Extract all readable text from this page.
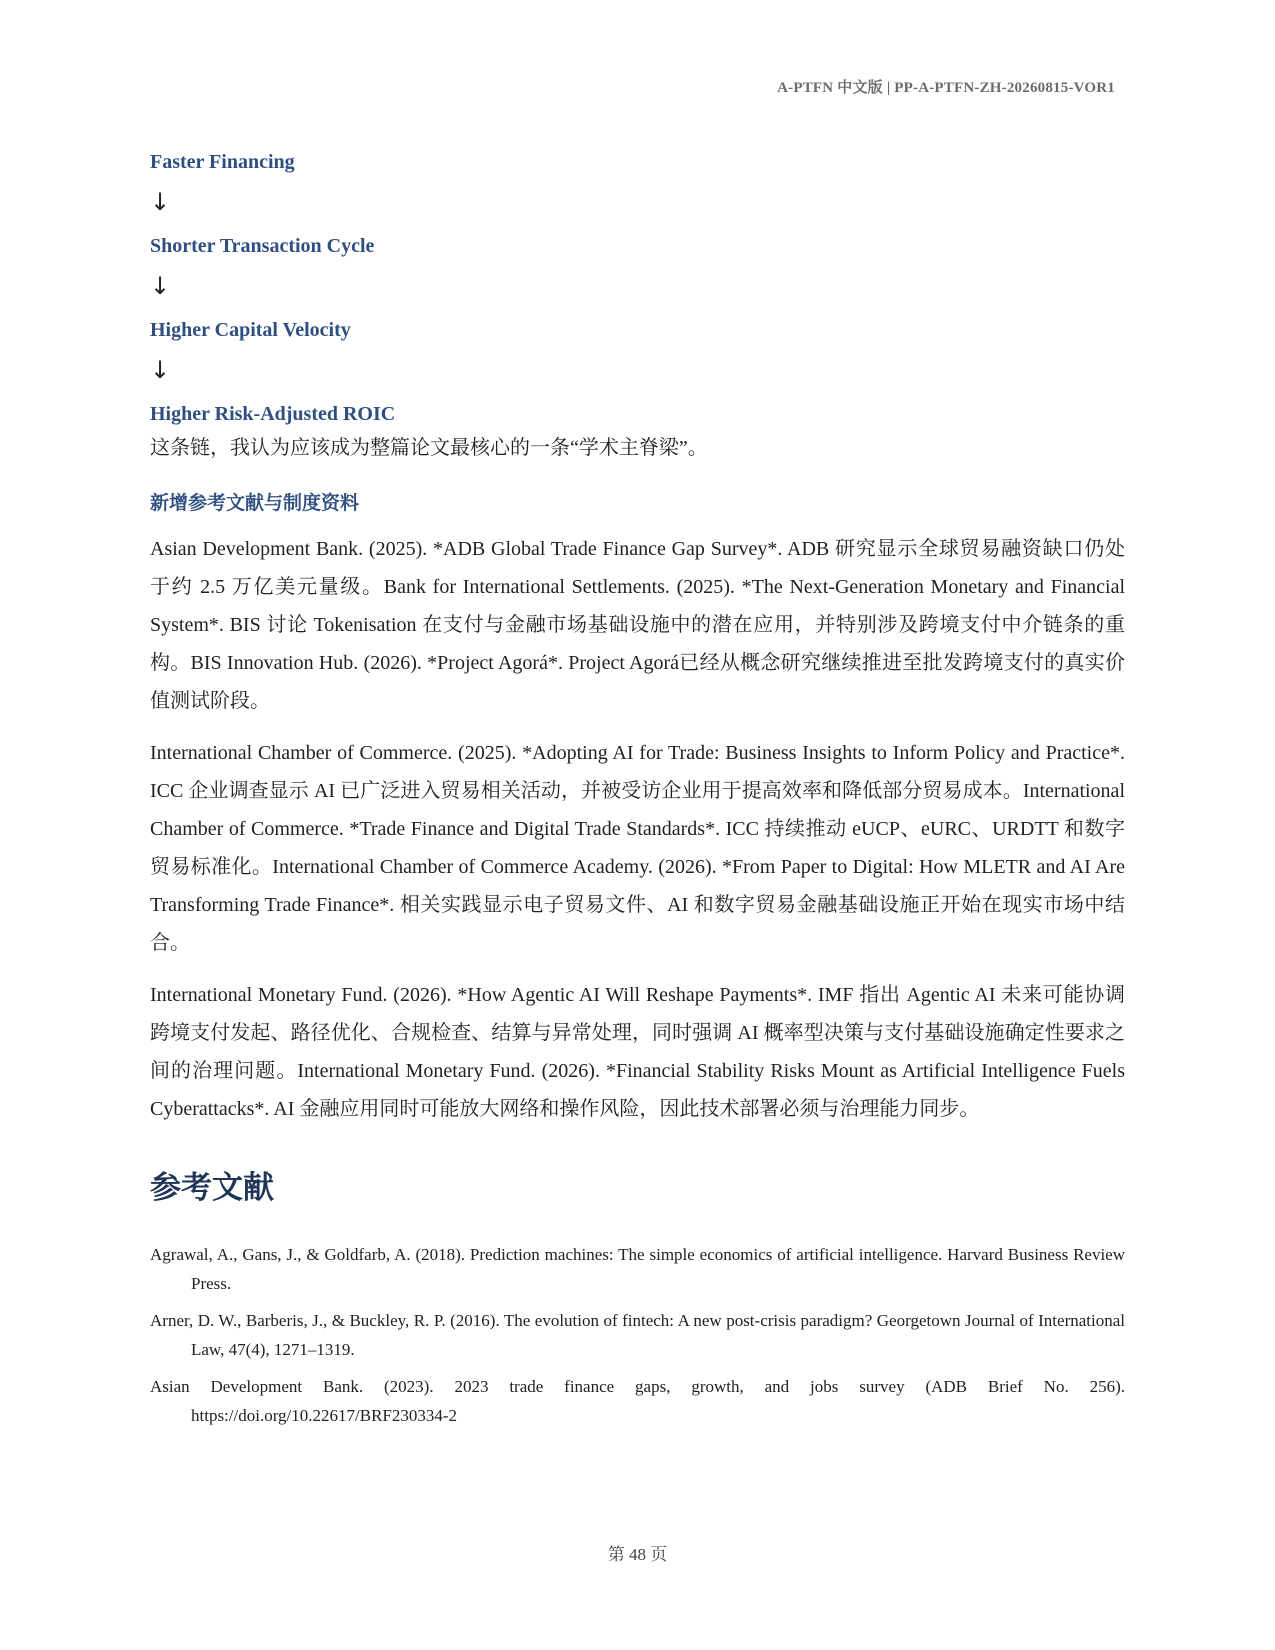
A-PTFN 中文版 | PP-A-PTFN-ZH-20260815-VOR1

Faster Financing

↓

Shorter Transaction Cycle

↓

Higher Capital Velocity

↓

Higher Risk-Adjusted ROIC

这条链，我认为应该成为整篇论文最核心的一条“学术主脊梁”。

新增参考文献与制度资料

Asian Development Bank. (2025). *ADB Global Trade Finance Gap Survey*. ADB 研究显示全球贸易融资缺口仍处于约 2.5 万亿美元量级。Bank for International Settlements. (2025). *The Next-Generation Monetary and Financial System*. BIS 讨论 Tokenisation 在支付与金融市场基础设施中的潜在应用，并特别涉及跨境支付中介链条的重构。BIS Innovation Hub. (2026). *Project Agorá*. Project Agorá已经从概念研究继续推进至批发跨境支付的真实价值测试阶段。

International Chamber of Commerce. (2025). *Adopting AI for Trade: Business Insights to Inform Policy and Practice*. ICC 企业调查显示 AI 已广泛进入贸易相关活动，并被受访企业用于提高效率和降低部分贸易成本。International Chamber of Commerce. *Trade Finance and Digital Trade Standards*. ICC 持续推动 eUCP、eURC、URDTT 和数字贸易标准化。International Chamber of Commerce Academy. (2026). *From Paper to Digital: How MLETR and AI Are Transforming Trade Finance*. 相关实践显示电子贸易文件、AI 和数字贸易金融基础设施正开始在现实市场中结合。

International Monetary Fund. (2026). *How Agentic AI Will Reshape Payments*. IMF 指出 Agentic AI 未来可能协调跨境支付发起、路径优化、合规检查、结算与异常处理，同时强调 AI 概率型决策与支付基础设施确定性要求之间的治理问题。International Monetary Fund. (2026). *Financial Stability Risks Mount as Artificial Intelligence Fuels Cyberattacks*. AI 金融应用同时可能放大网络和操作风险，因此技术部署必须与治理能力同步。

参考文献

Agrawal, A., Gans, J., & Goldfarb, A. (2018). Prediction machines: The simple economics of artificial intelligence. Harvard Business Review Press.

Arner, D. W., Barberis, J., & Buckley, R. P. (2016). The evolution of fintech: A new post-crisis paradigm? Georgetown Journal of International Law, 47(4), 1271–1319.

Asian Development Bank. (2023). 2023 trade finance gaps, growth, and jobs survey (ADB Brief No. 256). https://doi.org/10.22617/BRF230334-2

第 48 页
